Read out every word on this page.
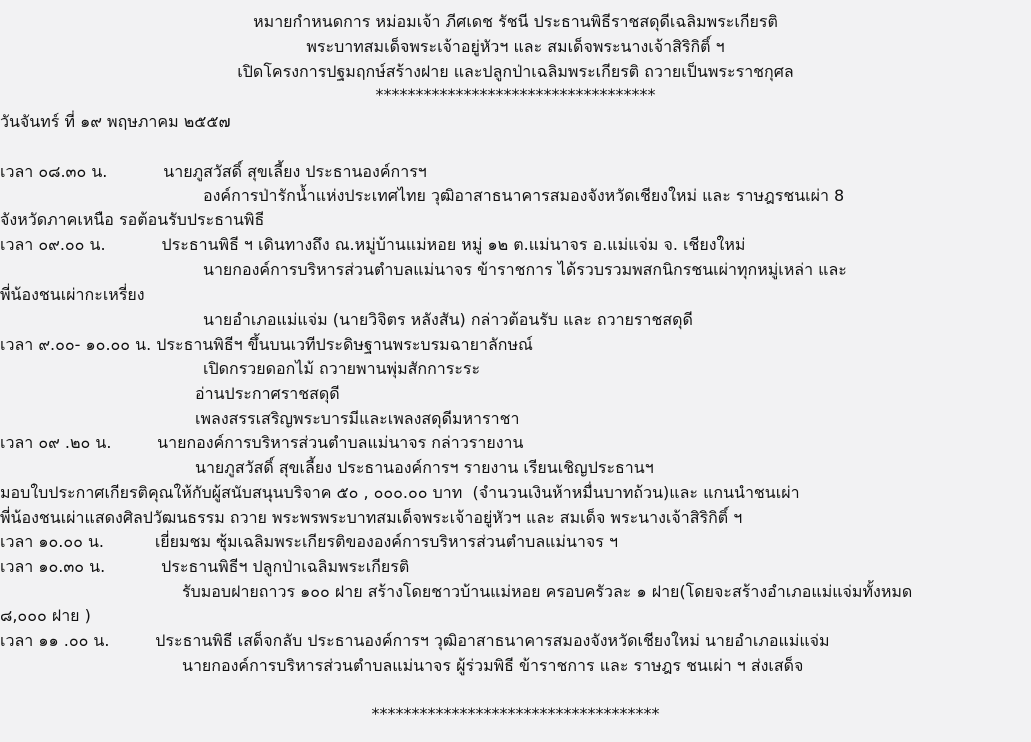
หมายกำหนดการ หม่อมเจ้า ภีศเดช รัชนี ประธานพิธีราชสดุดีเฉลิมพระเกียรติ
พระบาทสมเด็จพระเจ้าอยู่หัวฯ และ สมเด็จพระนางเจ้าสิริกิติ์ ฯ
เปิดโครงการปฐมฤกษ์สร้างฝาย และปลูกป่าเฉลิมพระเกียรติ ถวายเป็นพระราชกุศล
***********************************
วันจันทร์ ที่ ๑๙ พฤษภาคม ๒๕๕๗
เวลา ๐๘.๓๐ น.           นายภูสวัสดิ์ สุขเลี้ยง ประธานองค์การฯ
องค์การป่ารักน้ำแห่งประเทศไทย วุฒิอาสาธนาคารสมองจังหวัดเชียงใหม่ และ ราษฎรชนเผ่า 8
จังหวัดภาคเหนือ รอต้อนรับประธานพิธี
เวลา ๐๙.๐๐ น.           ประธานพิธี ฯ เดินทางถึง ณ.หมู่บ้านแม่หอย หมู่ ๑๒ ต.แม่นาจร อ.แม่แจ่ม จ. เชียงใหม่
นายกองค์การบริหารส่วนตำบลแม่นาจร ข้าราชการ ได้รวบรวมพสกนิกรชนเผ่าทุกหมู่เหล่า และ
พี่น้องชนเผ่ากะเหรี่ยง
นายอำเภอแม่แจ่ม (นายวิจิตร หลังสัน) กล่าวต้อนรับ และ ถวายราชสดุดี
เวลา ๙.๐๐- ๑๐.๐๐ น. ประธานพิธีฯ ขึ้นบนเวทีประดิษฐานพระบรมฉายาลักษณ์
เปิดกรวยดอกไม้ ถวายพานพุ่มสักการะระ
อ่านประกาศราชสดุดี
เพลงสรรเสริญพระบารมีและเพลงสดุดีมหาราชา
เวลา ๐๙ .๒๐ น.         นายกองค์การบริหารส่วนตำบลแม่นาจร กล่าวรายงาน
นายภูสวัสดิ์ สุขเลี้ยง ประธานองค์การฯ รายงาน เรียนเชิญประธานฯ
มอบใบประกาศเกียรติคุณให้กับผู้สนับสนุนบริจาค ๕๐ , ๐๐๐.๐๐ บาท  (จำนวนเงินห้าหมื่นบาทถ้วน)และ แกนนำชนเผ่า
พี่น้องชนเผ่าแสดงศิลปวัฒนธรรม ถวาย พระพรพระบาทสมเด็จพระเจ้าอยู่หัวฯ และ สมเด็จ พระนางเจ้าสิริกิติ์ ฯ
เวลา ๑๐.๐๐ น.          เยี่ยมชม ซุ้มเฉลิมพระเกียรติขององค์การบริหารส่วนตำบลแม่นาจร ฯ
เวลา ๑๐.๓๐ น.           ประธานพิธีฯ ปลูกป่าเฉลิมพระเกียรติ
รับมอบฝายถาวร ๑๐๐ ฝาย สร้างโดยชาวบ้านแม่หอย ครอบครัวละ ๑ ฝาย(โดยจะสร้างอำเภอแม่แจ่มทั้งหมด
๘,๐๐๐ ฝาย )
เวลา ๑๑ .๐๐ น.         ประธานพิธี เสด็จกลับ ประธานองค์การฯ วุฒิอาสาธนาคารสมองจังหวัดเชียงใหม่ นายอำเภอแม่แจ่ม
นายกองค์การบริหารส่วนตำบลแม่นาจร ผู้ร่วมพิธี ข้าราชการ และ ราษฎร ชนเผ่า ฯ ส่งเสด็จ
************************************
